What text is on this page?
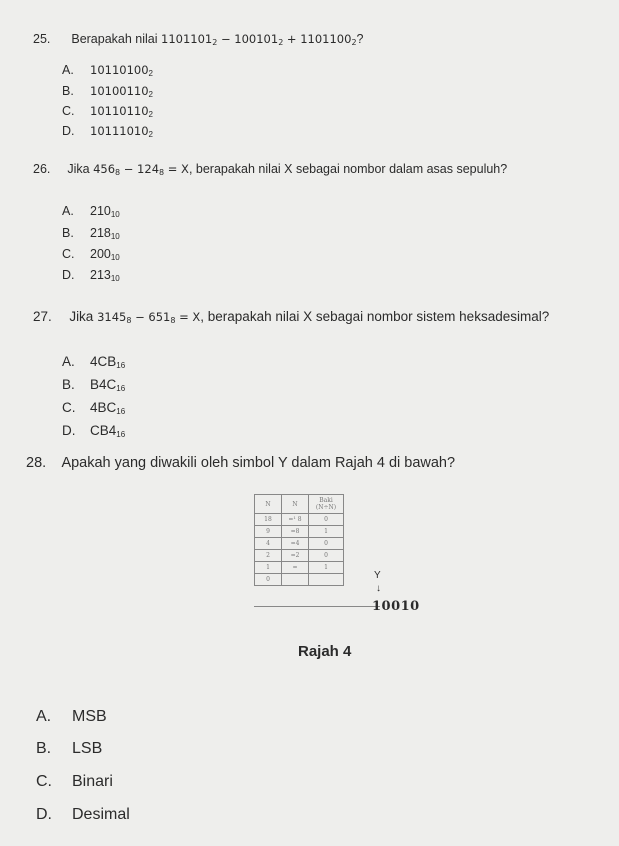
25. Berapakah nilai $1101101_2 - 100101_2 + 1101100_2$?
A. $10110100_2$
B. $10100110_2$
C. $10110110_2$
D. $10111010_2$
26. Jika $456_8 - 124_8 = X$, berapakah nilai X sebagai nombor dalam asas sepuluh?
A. $210_{10}$
B. $218_{10}$
C. $200_{10}$
D. $213_{10}$
27. Jika $3145_8 - 651_8 = X$, berapakah nilai X sebagai nombor sistem heksadesimal?
A. $4CB_{16}$
B. $B4C_{16}$
C. $4BC_{16}$
D. $CB4_{16}$
28. Apakah yang diwakili oleh simbol Y dalam Rajah 4 di bawah?
N	N	Baki
(N÷N)
18	=¹ 8	0
9	=8	1
4	=4	0
2	=2	0
1	=	1
0			Y
↓
10010
Rajah 4
A. MSB
B. LSB
C. Binari
D. Desimal
